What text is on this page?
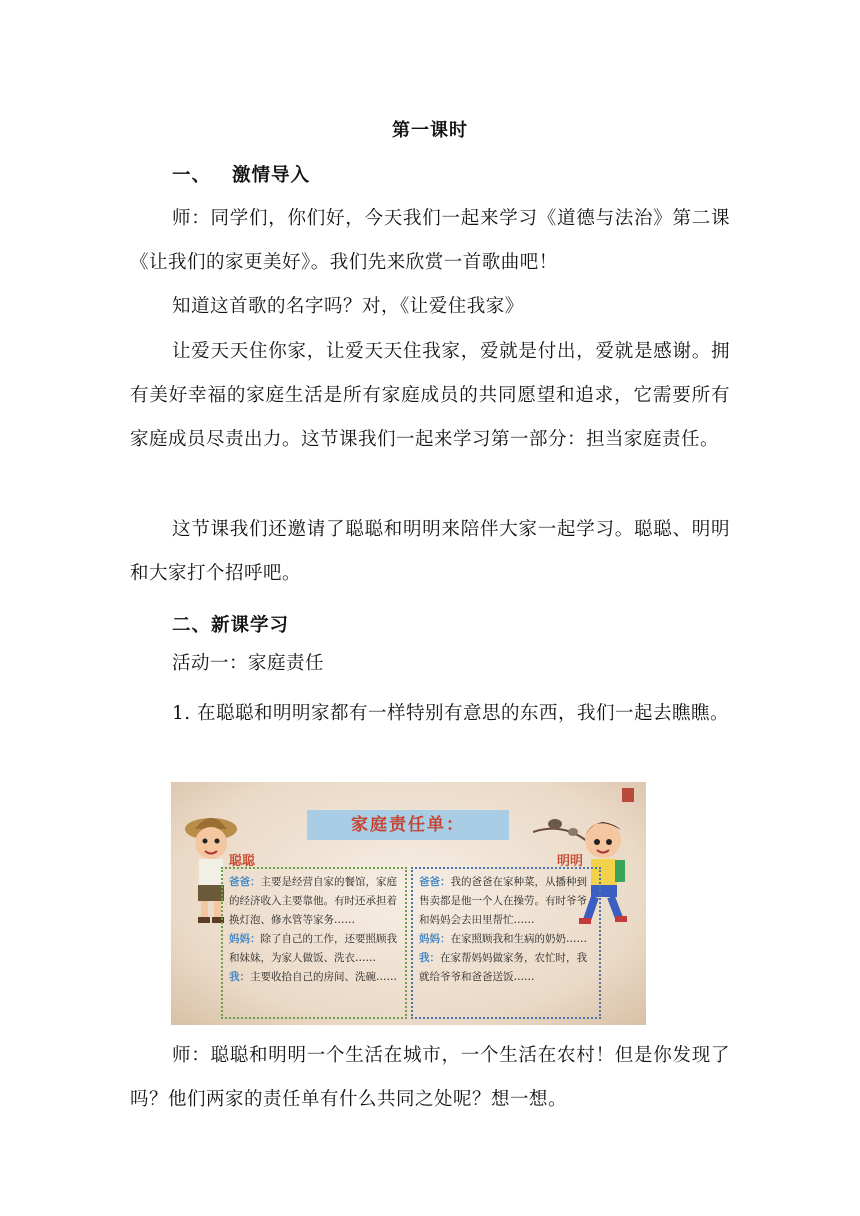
第一课时
一、 激情导入
师：同学们，你们好，今天我们一起来学习《道德与法治》第二课《让我们的家更美好》。我们先来欣赏一首歌曲吧！
知道这首歌的名字吗？对，《让爱住我家》
让爱天天住你家，让爱天天住我家，爱就是付出，爱就是感谢。拥有美好幸福的家庭生活是所有家庭成员的共同愿望和追求，它需要所有家庭成员尽责出力。这节课我们一起来学习第一部分：担当家庭责任。
这节课我们还邀请了聪聪和明明来陪伴大家一起学习。聪聪、明明和大家打个招呼吧。
二、新课学习
活动一：家庭责任
1. 在聪聪和明明家都有一样特别有意思的东西，我们一起去瞧瞧。
家庭责任单：
聪聪	明明
爸爸：主要是经营自家的餐馆，家庭的经济收入主要靠他。有时还承担着换灯泡、修水管等家务……
妈妈：除了自己的工作，还要照顾我和妹妹，为家人做饭、洗衣……
我：主要收拾自己的房间、洗碗……
爸爸：我的爸爸在家种菜，从播种到售卖都是他一个人在操劳。有时爷爷和妈妈会去田里帮忙……
妈妈：在家照顾我和生病的奶奶……
我：在家帮妈妈做家务，农忙时，我就给爷爷和爸爸送饭……
师：聪聪和明明一个生活在城市，一个生活在农村！但是你发现了吗？他们两家的责任单有什么共同之处呢？想一想。
